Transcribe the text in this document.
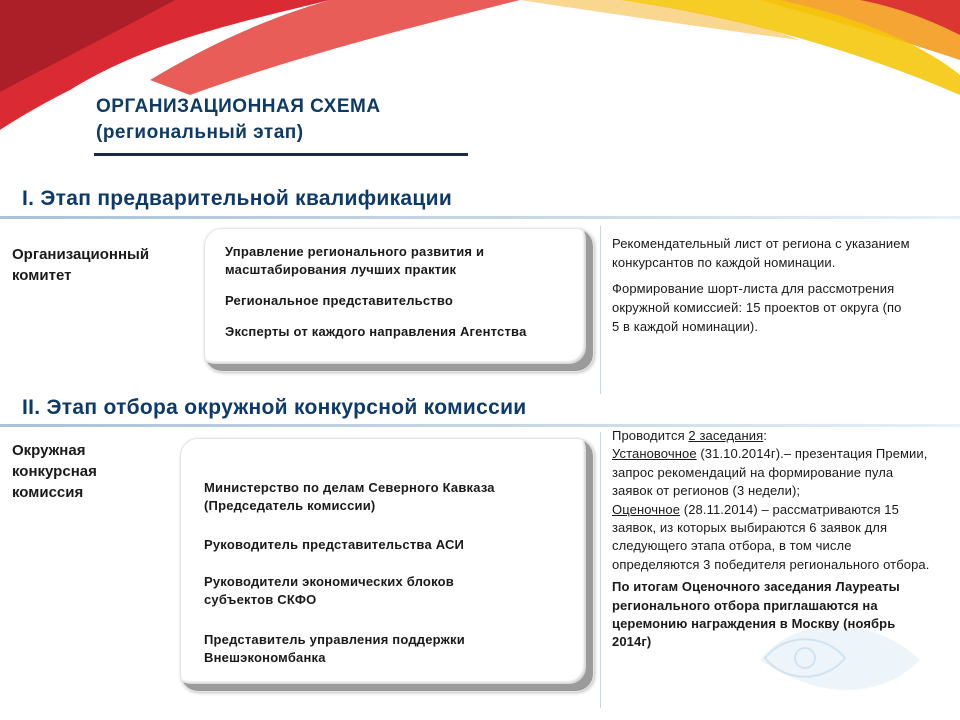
ОРГАНИЗАЦИОННАЯ СХЕМА
(региональный этап)
I. Этап предварительной квалификации
Организационный
комитет
Управление регионального развития и масштабирования лучших практик
Региональное представительство
Эксперты от каждого направления Агентства

Рекомендательный лист от региона с указанием конкурсантов по каждой номинации.

Формирование шорт-листа для рассмотрения окружной комиссией: 15 проектов от округа (по 5 в каждой номинации).

II. Этап отбора окружной конкурсной комиссии
Окружная
конкурсная
комиссия	Министерство по делам Северного Кавказа (Председатель комиссии)
Руководитель представительства АСИ
Руководители экономических блоков субъектов СКФО
Представитель управления поддержки Внешэкономбанка

Проводится 2 заседания:

Установочное (31.10.2014г).– презентация Премии, запрос рекомендаций на формирование пула заявок от регионов (3 недели);

Оценочное (28.11.2014) – рассматриваются 15 заявок, из которых выбираются 6 заявок для следующего этапа отбора, в том числе определяются 3 победителя регионального отбора.

По итогам Оценочного заседания Лауреаты регионального отбора приглашаются на церемонию награждения в Москву (ноябрь 2014г)
